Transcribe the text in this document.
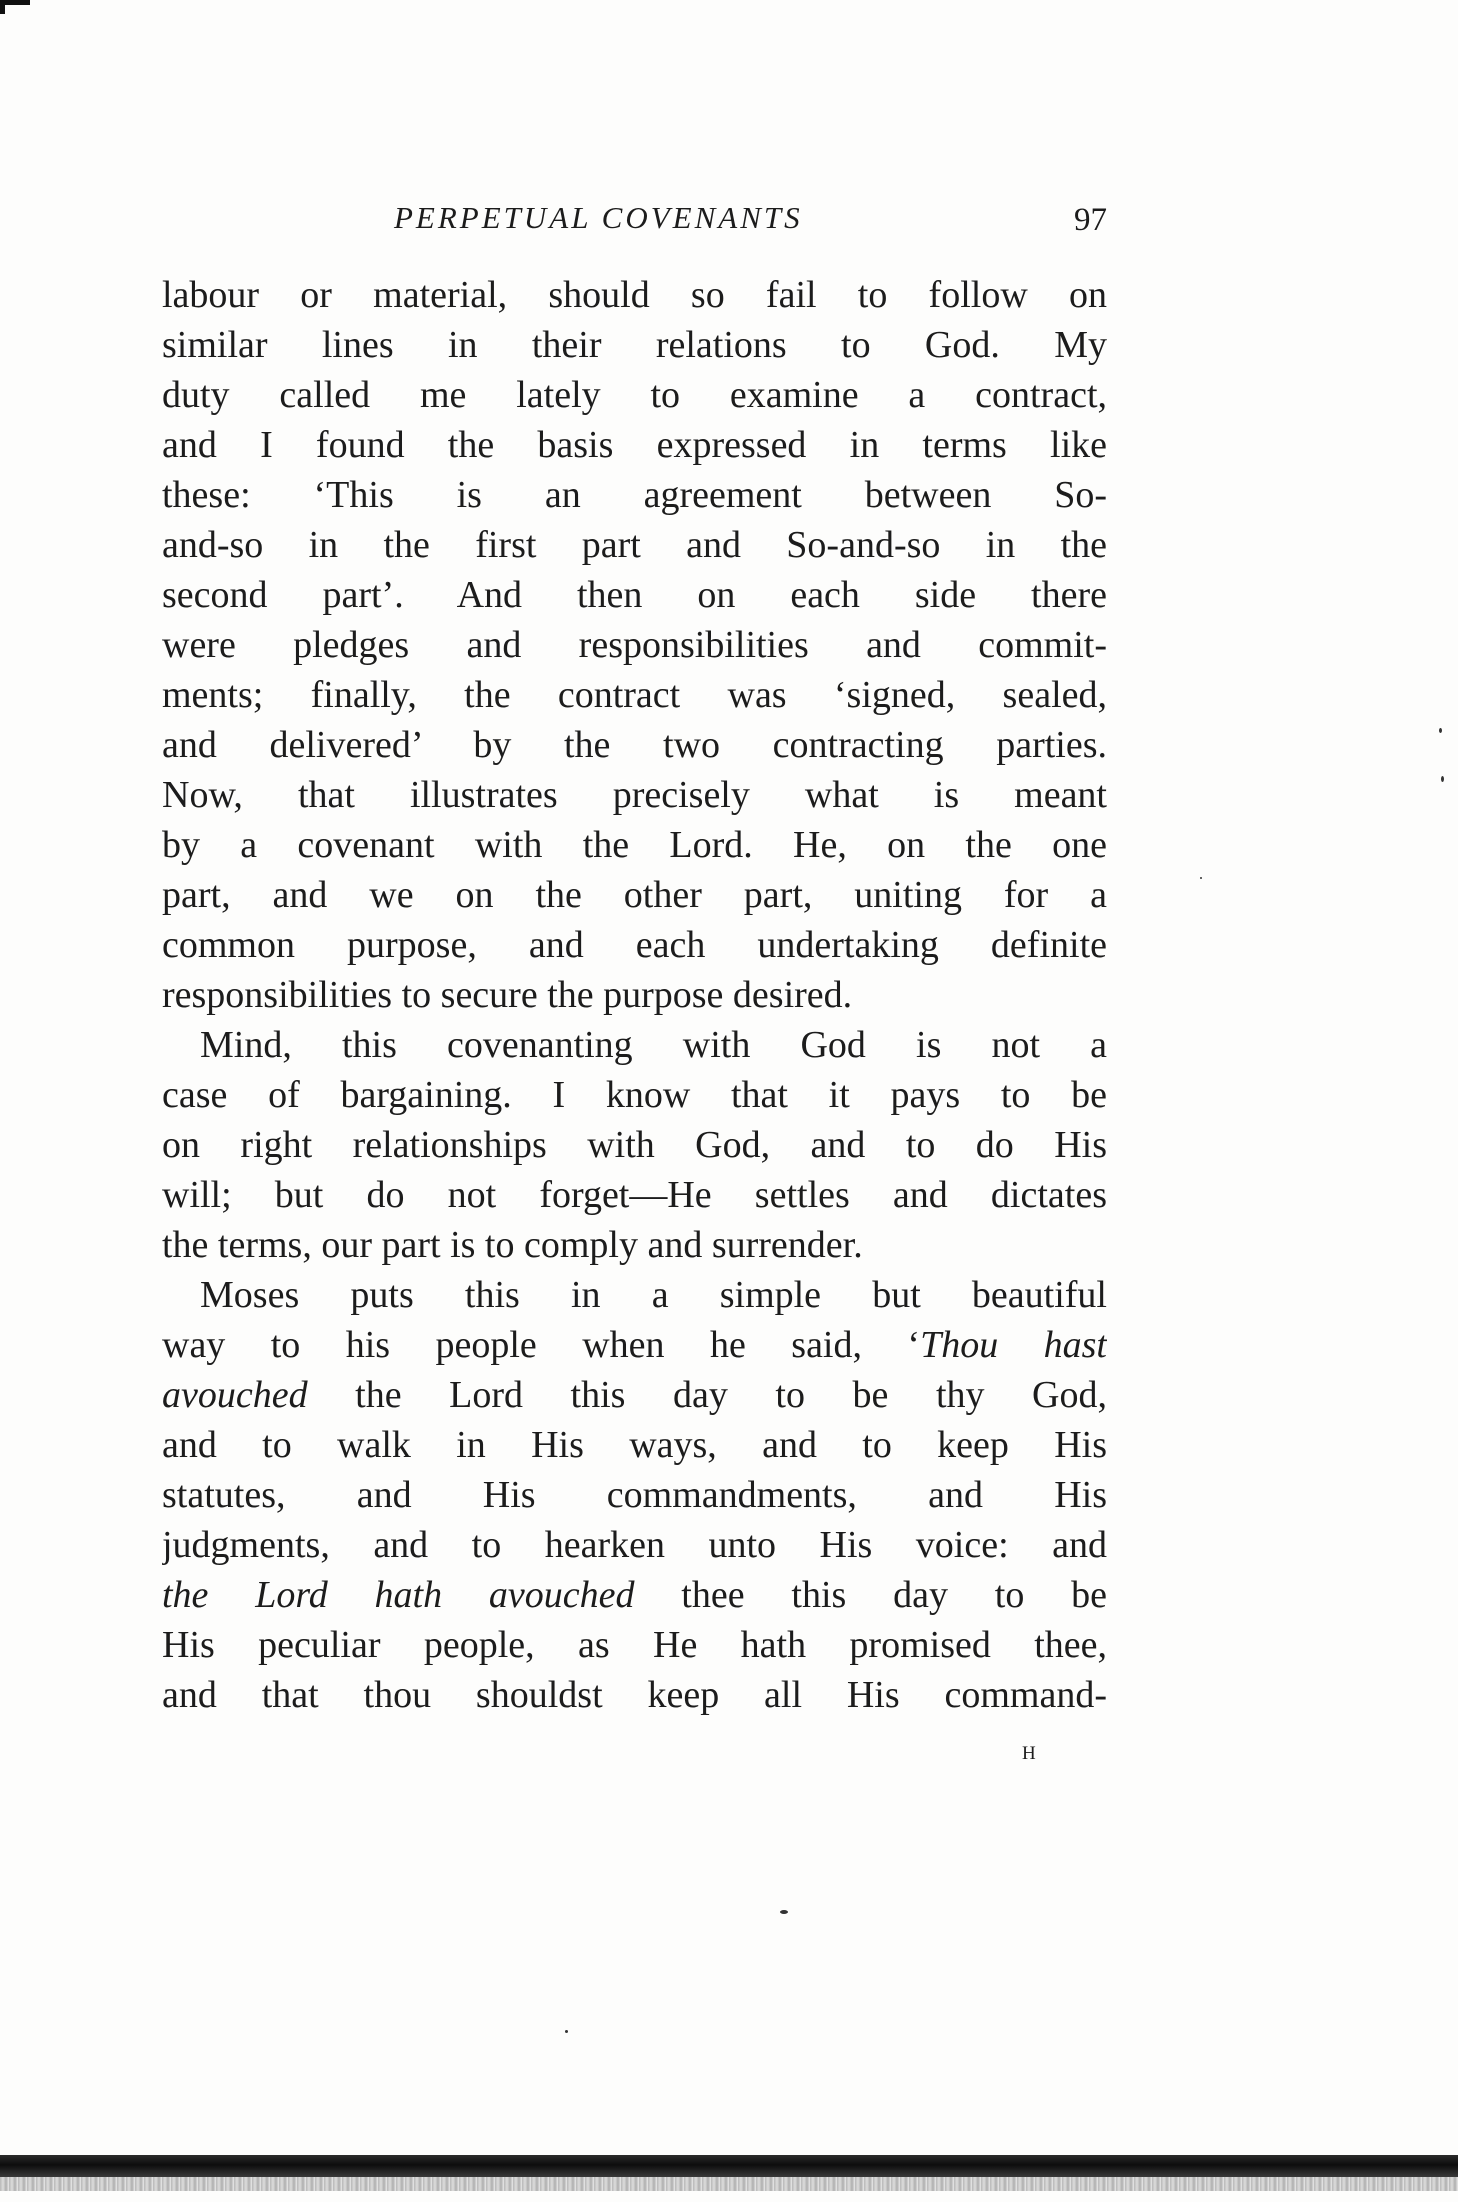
PERPETUAL COVENANTS	97
labour or material, should so fail to follow on
similar lines in their relations to God. My
duty called me lately to examine a contract,
and I found the basis expressed in terms like
these: ‘This is an agreement between So-
and-so in the first part and So-and-so in the
second part’. And then on each side there
were pledges and responsibilities and commit-
ments; finally, the contract was ‘signed, sealed,
and delivered’ by the two contracting parties.
Now, that illustrates precisely what is meant
by a covenant with the Lord. He, on the one
part, and we on the other part, uniting for a
common purpose, and each undertaking definite
responsibilities to secure the purpose desired.
Mind, this covenanting with God is not a
case of bargaining. I know that it pays to be
on right relationships with God, and to do His
will; but do not forget—He settles and dictates
the terms, our part is to comply and surrender.
Moses puts this in a simple but beautiful
way to his people when he said, ‘Thou hast
avouched the Lord this day to be thy God,
and to walk in His ways, and to keep His
statutes, and His commandments, and His
judgments, and to hearken unto His voice: and
the Lord hath avouched thee this day to be
His peculiar people, as He hath promised thee,
and that thou shouldst keep all His command-
H
